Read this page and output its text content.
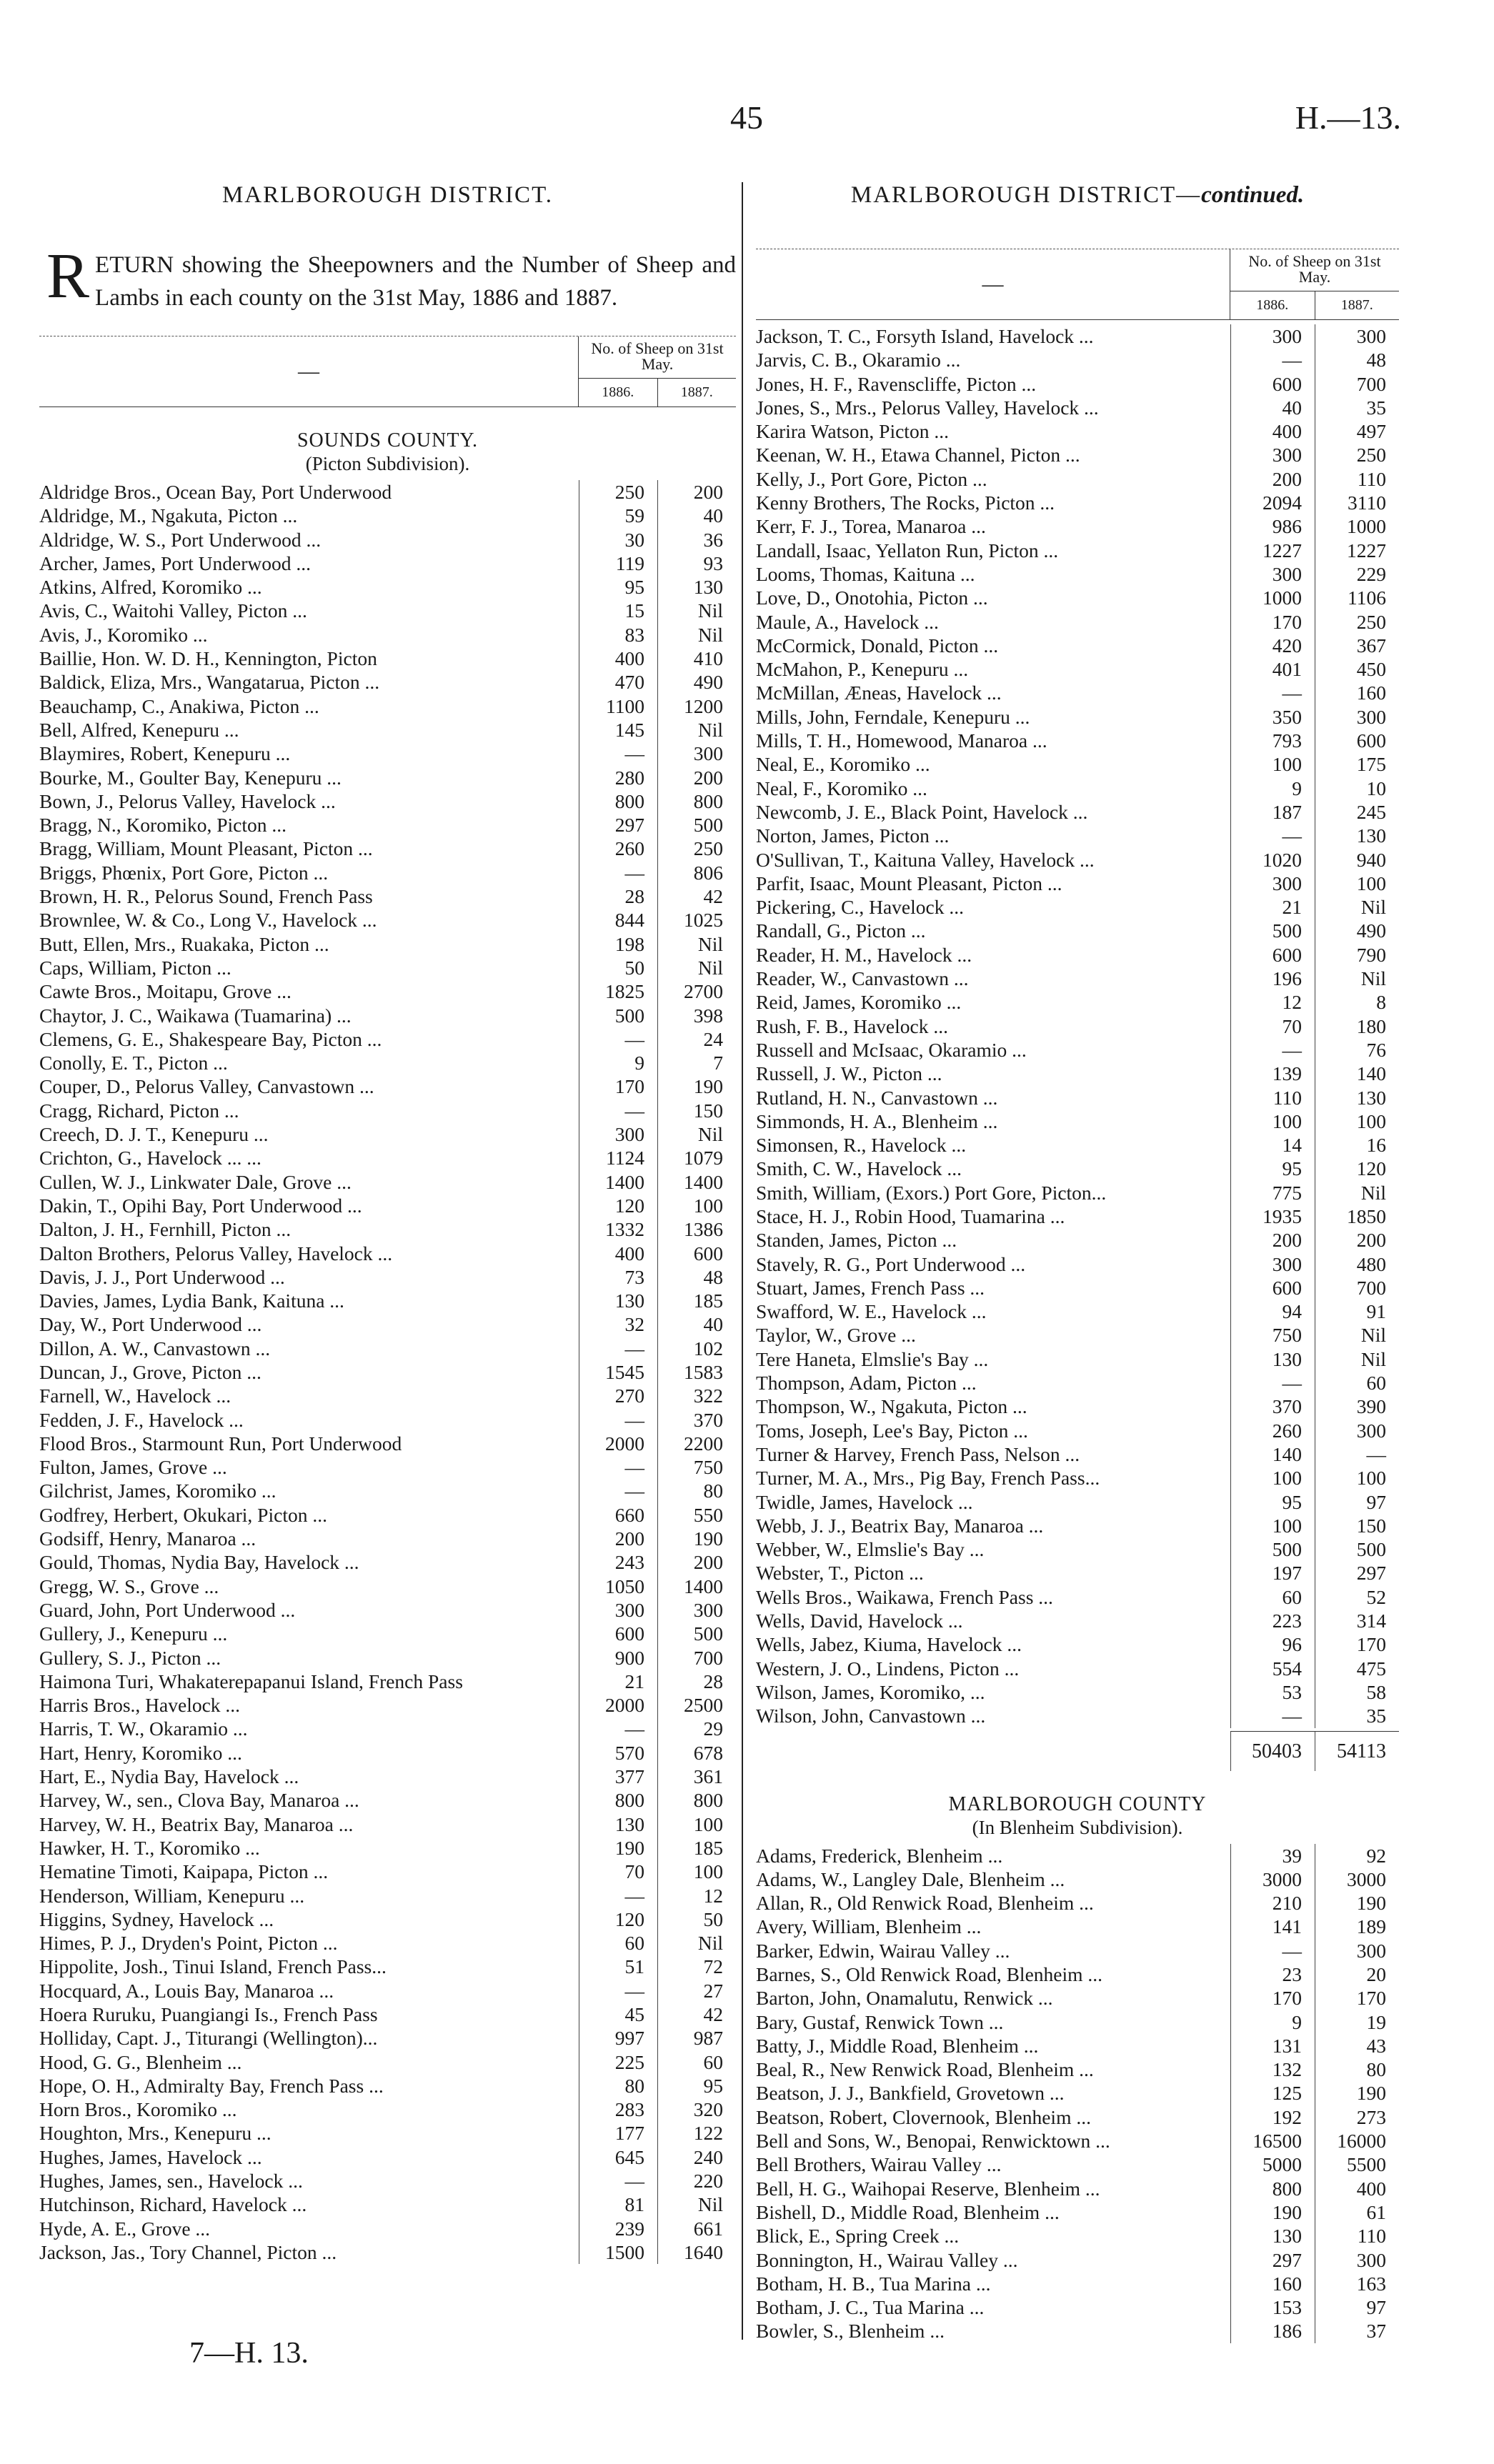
45	H.—13.
MARLBOROUGH DISTRICT.
RETURN showing the Sheepowners and the Number of Sheep and Lambs in each county on the 31st May, 1886 and 1887.
—
No. of Sheep on 31st May.
1886.	1887.
SOUNDS COUNTY.
(Picton Subdivision).
Aldridge Bros., Ocean Bay, Port Underwood	250	200
Aldridge, M., Ngakuta, Picton ...	59	40
Aldridge, W. S., Port Underwood ...	30	36
Archer, James, Port Underwood ...	119	93
Atkins, Alfred, Koromiko ...	95	130
Avis, C., Waitohi Valley, Picton ...	15	Nil
Avis, J., Koromiko ...	83	Nil
Baillie, Hon. W. D. H., Kennington, Picton	400	410
Baldick, Eliza, Mrs., Wangatarua, Picton ...	470	490
Beauchamp, C., Anakiwa, Picton ...	1100	1200
Bell, Alfred, Kenepuru ...	145	Nil
Blaymires, Robert, Kenepuru ...	—	300
Bourke, M., Goulter Bay, Kenepuru ...	280	200
Bown, J., Pelorus Valley, Havelock ...	800	800
Bragg, N., Koromiko, Picton ...	297	500
Bragg, William, Mount Pleasant, Picton ...	260	250
Briggs, Phœnix, Port Gore, Picton ...	—	806
Brown, H. R., Pelorus Sound, French Pass	28	42
Brownlee, W. & Co., Long V., Havelock ...	844	1025
Butt, Ellen, Mrs., Ruakaka, Picton ...	198	Nil
Caps, William, Picton ...	50	Nil
Cawte Bros., Moitapu, Grove ...	1825	2700
Chaytor, J. C., Waikawa (Tuamarina) ...	500	398
Clemens, G. E., Shakespeare Bay, Picton ...	—	24
Conolly, E. T., Picton ...	9	7
Couper, D., Pelorus Valley, Canvastown ...	170	190
Cragg, Richard, Picton ...	—	150
Creech, D. J. T., Kenepuru ...	300	Nil
Crichton, G., Havelock ... ...	1124	1079
Cullen, W. J., Linkwater Dale, Grove ...	1400	1400
Dakin, T., Opihi Bay, Port Underwood ...	120	100
Dalton, J. H., Fernhill, Picton ...	1332	1386
Dalton Brothers, Pelorus Valley, Havelock ...	400	600
Davis, J. J., Port Underwood ...	73	48
Davies, James, Lydia Bank, Kaituna ...	130	185
Day, W., Port Underwood ...	32	40
Dillon, A. W., Canvastown ...	—	102
Duncan, J., Grove, Picton ...	1545	1583
Farnell, W., Havelock ...	270	322
Fedden, J. F., Havelock ...	—	370
Flood Bros., Starmount Run, Port Underwood	2000	2200
Fulton, James, Grove ...	—	750
Gilchrist, James, Koromiko ...	—	80
Godfrey, Herbert, Okukari, Picton ...	660	550
Godsiff, Henry, Manaroa ...	200	190
Gould, Thomas, Nydia Bay, Havelock ...	243	200
Gregg, W. S., Grove ...	1050	1400
Guard, John, Port Underwood ...	300	300
Gullery, J., Kenepuru ...	600	500
Gullery, S. J., Picton ...	900	700
Haimona Turi, Whakaterepapanui Island, French Pass	21	28
Harris Bros., Havelock ...	2000	2500
Harris, T. W., Okaramio ...	—	29
Hart, Henry, Koromiko ...	570	678
Hart, E., Nydia Bay, Havelock ...	377	361
Harvey, W., sen., Clova Bay, Manaroa ...	800	800
Harvey, W. H., Beatrix Bay, Manaroa ...	130	100
Hawker, H. T., Koromiko ...	190	185
Hematine Timoti, Kaipapa, Picton ...	70	100
Henderson, William, Kenepuru ...	—	12
Higgins, Sydney, Havelock ...	120	50
Himes, P. J., Dryden's Point, Picton ...	60	Nil
Hippolite, Josh., Tinui Island, French Pass...	51	72
Hocquard, A., Louis Bay, Manaroa ...	—	27
Hoera Ruruku, Puangiangi Is., French Pass	45	42
Holliday, Capt. J., Titurangi (Wellington)...	997	987
Hood, G. G., Blenheim ...	225	60
Hope, O. H., Admiralty Bay, French Pass ...	80	95
Horn Bros., Koromiko ...	283	320
Houghton, Mrs., Kenepuru ...	177	122
Hughes, James, Havelock ...	645	240
Hughes, James, sen., Havelock ...	—	220
Hutchinson, Richard, Havelock ...	81	Nil
Hyde, A. E., Grove ...	239	661
Jackson, Jas., Tory Channel, Picton ...	1500	1640
MARLBOROUGH DISTRICT—continued.
—
No. of Sheep on 31st May.
1886.	1887.
Jackson, T. C., Forsyth Island, Havelock ...	300	300
Jarvis, C. B., Okaramio ...	—	48
Jones, H. F., Ravenscliffe, Picton ...	600	700
Jones, S., Mrs., Pelorus Valley, Havelock ...	40	35
Karira Watson, Picton ...	400	497
Keenan, W. H., Etawa Channel, Picton ...	300	250
Kelly, J., Port Gore, Picton ...	200	110
Kenny Brothers, The Rocks, Picton ...	2094	3110
Kerr, F. J., Torea, Manaroa ...	986	1000
Landall, Isaac, Yellaton Run, Picton ...	1227	1227
Looms, Thomas, Kaituna ...	300	229
Love, D., Onotohia, Picton ...	1000	1106
Maule, A., Havelock ...	170	250
McCormick, Donald, Picton ...	420	367
McMahon, P., Kenepuru ...	401	450
McMillan, Æneas, Havelock ...	—	160
Mills, John, Ferndale, Kenepuru ...	350	300
Mills, T. H., Homewood, Manaroa ...	793	600
Neal, E., Koromiko ...	100	175
Neal, F., Koromiko ...	9	10
Newcomb, J. E., Black Point, Havelock ...	187	245
Norton, James, Picton ...	—	130
O'Sullivan, T., Kaituna Valley, Havelock ...	1020	940
Parfit, Isaac, Mount Pleasant, Picton ...	300	100
Pickering, C., Havelock ...	21	Nil
Randall, G., Picton ...	500	490
Reader, H. M., Havelock ...	600	790
Reader, W., Canvastown ...	196	Nil
Reid, James, Koromiko ...	12	8
Rush, F. B., Havelock ...	70	180
Russell and McIsaac, Okaramio ...	—	76
Russell, J. W., Picton ...	139	140
Rutland, H. N., Canvastown ...	110	130
Simmonds, H. A., Blenheim ...	100	100
Simonsen, R., Havelock ...	14	16
Smith, C. W., Havelock ...	95	120
Smith, William, (Exors.) Port Gore, Picton...	775	Nil
Stace, H. J., Robin Hood, Tuamarina ...	1935	1850
Standen, James, Picton ...	200	200
Stavely, R. G., Port Underwood ...	300	480
Stuart, James, French Pass ...	600	700
Swafford, W. E., Havelock ...	94	91
Taylor, W., Grove ...	750	Nil
Tere Haneta, Elmslie's Bay ...	130	Nil
Thompson, Adam, Picton ...	—	60
Thompson, W., Ngakuta, Picton ...	370	390
Toms, Joseph, Lee's Bay, Picton ...	260	300
Turner & Harvey, French Pass, Nelson ...	140	—
Turner, M. A., Mrs., Pig Bay, French Pass...	100	100
Twidle, James, Havelock ...	95	97
Webb, J. J., Beatrix Bay, Manaroa ...	100	150
Webber, W., Elmslie's Bay ...	500	500
Webster, T., Picton ...	197	297
Wells Bros., Waikawa, French Pass ...	60	52
Wells, David, Havelock ...	223	314
Wells, Jabez, Kiuma, Havelock ...	96	170
Western, J. O., Lindens, Picton ...	554	475
Wilson, James, Koromiko, ...	53	58
Wilson, John, Canvastown ...	—	35
50403	54113
MARLBOROUGH COUNTY
(In Blenheim Subdivision).
Adams, Frederick, Blenheim ...	39	92
Adams, W., Langley Dale, Blenheim ...	3000	3000
Allan, R., Old Renwick Road, Blenheim ...	210	190
Avery, William, Blenheim ...	141	189
Barker, Edwin, Wairau Valley ...	—	300
Barnes, S., Old Renwick Road, Blenheim ...	23	20
Barton, John, Onamalutu, Renwick ...	170	170
Bary, Gustaf, Renwick Town ...	9	19
Batty, J., Middle Road, Blenheim ...	131	43
Beal, R., New Renwick Road, Blenheim ...	132	80
Beatson, J. J., Bankfield, Grovetown ...	125	190
Beatson, Robert, Clovernook, Blenheim ...	192	273
Bell and Sons, W., Benopai, Renwicktown ...	16500	16000
Bell Brothers, Wairau Valley ...	5000	5500
Bell, H. G., Waihopai Reserve, Blenheim ...	800	400
Bishell, D., Middle Road, Blenheim ...	190	61
Blick, E., Spring Creek ...	130	110
Bonnington, H., Wairau Valley ...	297	300
Botham, H. B., Tua Marina ...	160	163
Botham, J. C., Tua Marina ...	153	97
Bowler, S., Blenheim ...	186	37
7—H. 13.
